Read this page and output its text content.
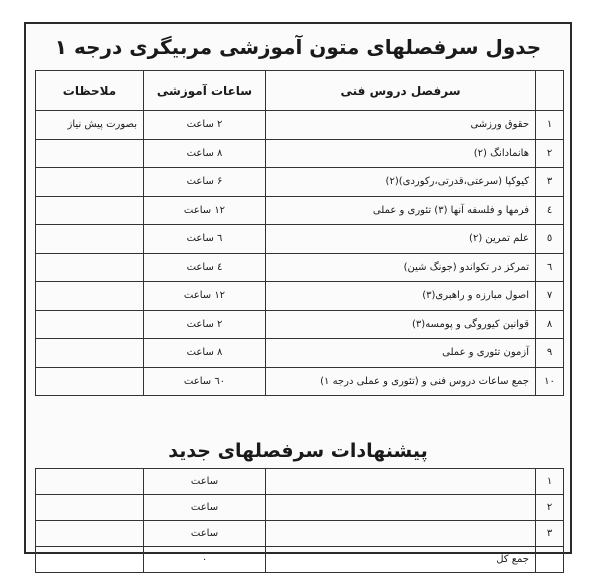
جدول سرفصلهای متون آموزشی مربیگری درجه ۱
	سرفصل دروس فنی	ساعات آموزشی	ملاحظات
۱	حقوق ورزشی	۲ ساعت	بصورت پیش نیاز
۲	هانمادانگ (۲)	۸ ساعت	
۳	کیوکپا (سرعتی،قدرتی،رکوردی)(۲)	۶ ساعت	
٤	فرمها و فلسفه آنها (۳) تئوری و عملی	۱۲ ساعت	
٥	علم تمرین (۲)	٦ ساعت	
٦	تمرکز در تکواندو (جونگ شین)	٤ ساعت	
۷	اصول مبارزه و راهبری(۳)	۱۲ ساعت	
۸	قوانین کیوروگی و پومسه(۳)	۲ ساعت	
۹	آزمون تئوری و عملی	۸ ساعت	
۱۰	جمع ساعات دروس فنی و (تئوری و عملی درجه ۱)	٦٠ ساعت	
پیشنهادات سرفصلهای جدید
۱		ساعت	
۲		ساعت	
۳		ساعت	
	جمع کل	۰	
